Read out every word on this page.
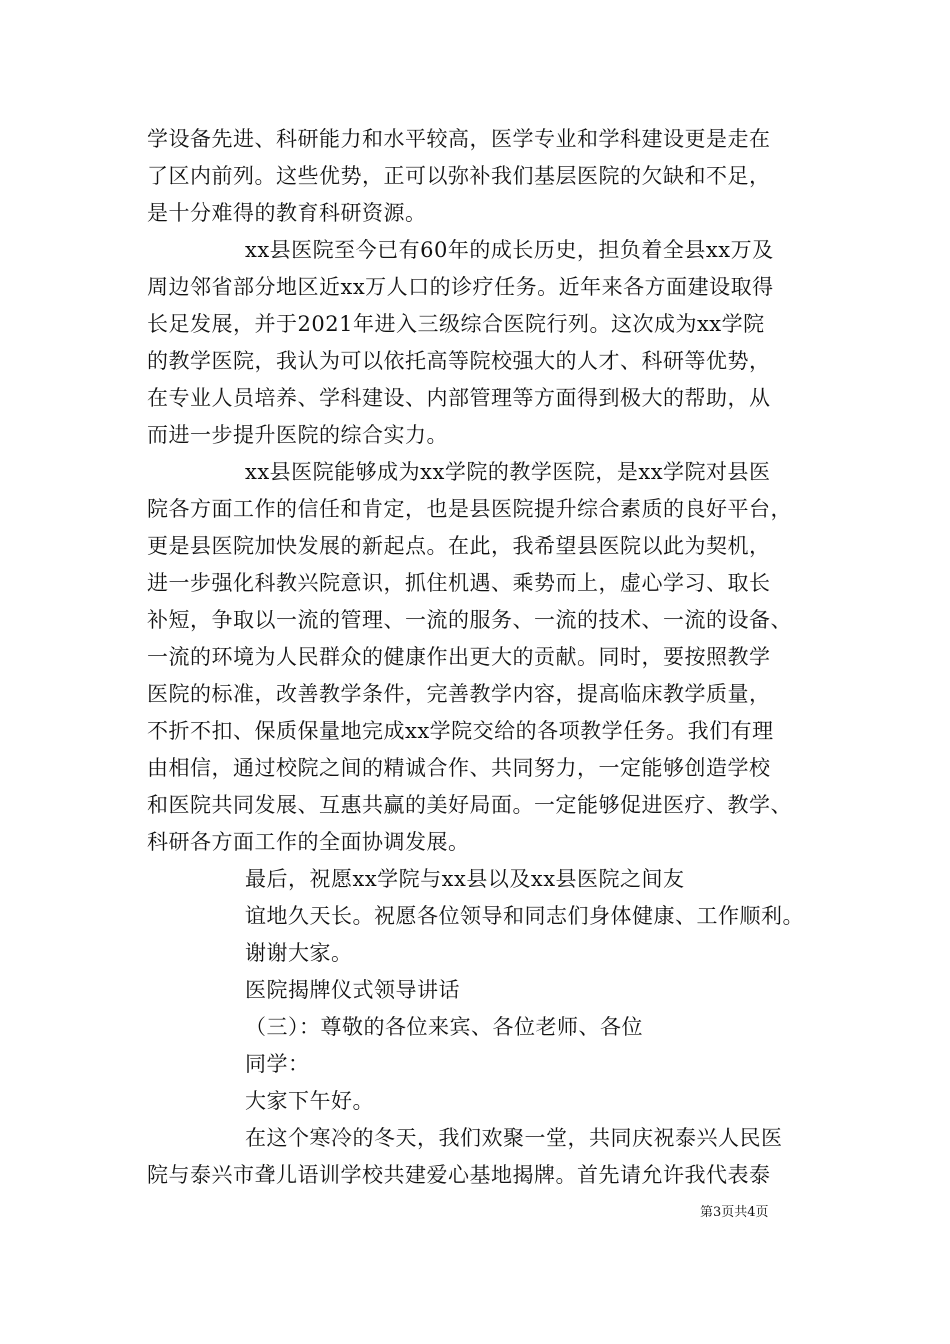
学设备先进、科研能力和水平较高，医学专业和学科建设更是走在
了区内前列。这些优势，正可以弥补我们基层医院的欠缺和不足，
是十分难得的教育科研资源。
xx县医院至今已有60年的成长历史，担负着全县xx万及
周边邻省部分地区近xx万人口的诊疗任务。近年来各方面建设取得
长足发展，并于2021年进入三级综合医院行列。这次成为xx学院
的教学医院，我认为可以依托高等院校强大的人才、科研等优势，
在专业人员培养、学科建设、内部管理等方面得到极大的帮助，从
而进一步提升医院的综合实力。
xx县医院能够成为xx学院的教学医院，是xx学院对县医
院各方面工作的信任和肯定，也是县医院提升综合素质的良好平台，
更是县医院加快发展的新起点。在此，我希望县医院以此为契机，
进一步强化科教兴院意识，抓住机遇、乘势而上，虚心学习、取长
补短，争取以一流的管理、一流的服务、一流的技术、一流的设备、
一流的环境为人民群众的健康作出更大的贡献。同时，要按照教学
医院的标准，改善教学条件，完善教学内容，提高临床教学质量，
不折不扣、保质保量地完成xx学院交给的各项教学任务。我们有理
由相信，通过校院之间的精诚合作、共同努力，一定能够创造学校
和医院共同发展、互惠共赢的美好局面。一定能够促进医疗、教学、
科研各方面工作的全面协调发展。
最后，祝愿xx学院与xx县以及xx县医院之间友
谊地久天长。祝愿各位领导和同志们身体健康、工作顺利。
谢谢大家。
医院揭牌仪式领导讲话
（三）：尊敬的各位来宾、各位老师、各位
同学：
大家下午好。
在这个寒冷的冬天，我们欢聚一堂，共同庆祝泰兴人民医
院与泰兴市聋儿语训学校共建爱心基地揭牌。首先请允许我代表泰
第3页共4页
